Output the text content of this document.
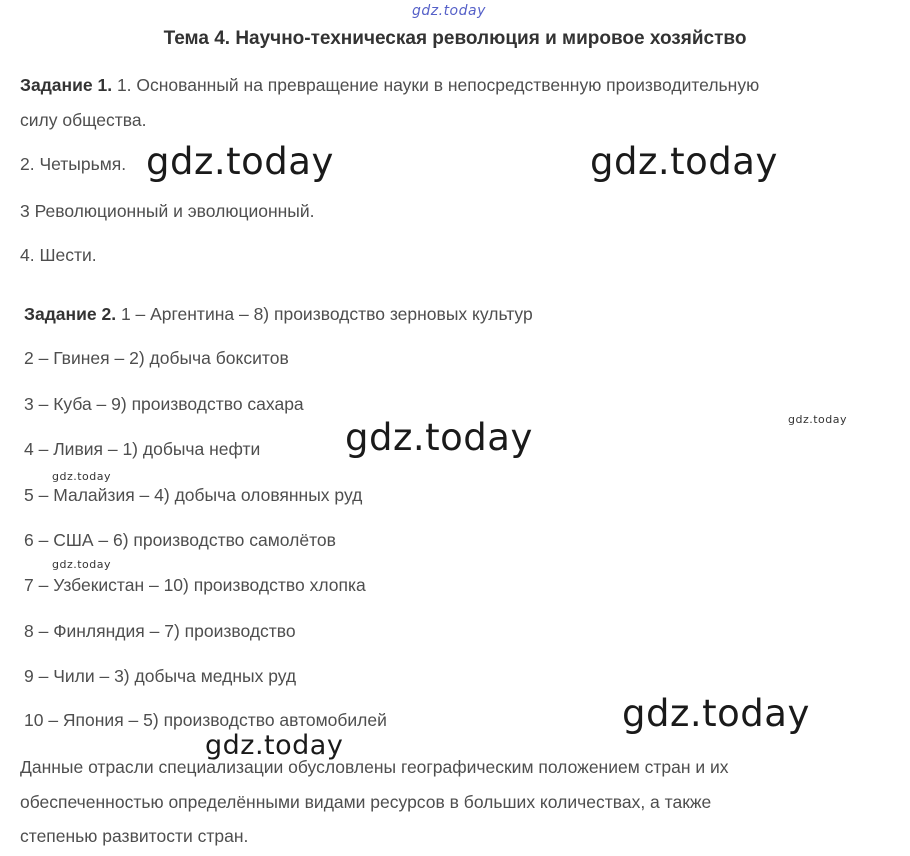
gdz.today
Тема 4. Научно-техническая революция и мировое хозяйство
Задание 1. 1. Основанный на превращение науки в непосредственную производительную
силу общества.
2. Четырьмя.
3 Революционный и эволюционный.
4. Шести.
Задание 2. 1 – Аргентина – 8) производство зерновых культур
2 – Гвинея – 2) добыча бокситов
3 – Куба – 9) производство сахара
4 – Ливия – 1) добыча нефти
5 – Малайзия – 4) добыча оловянных руд
6 – США – 6) производство самолётов
7 – Узбекистан – 10) производство хлопка
8 – Финляндия – 7) производство
9 – Чили – 3) добыча медных руд
10 – Япония – 5) производство автомобилей
Данные отрасли специализации обусловлены географическим положением стран и их
обеспеченностью определёнными видами ресурсов в больших количествах, а также
степенью развитости стран.
gdz.today	gdz.today
gdz.today	gdz.today
gdz.today
gdz.today
gdz.today
gdz.today
